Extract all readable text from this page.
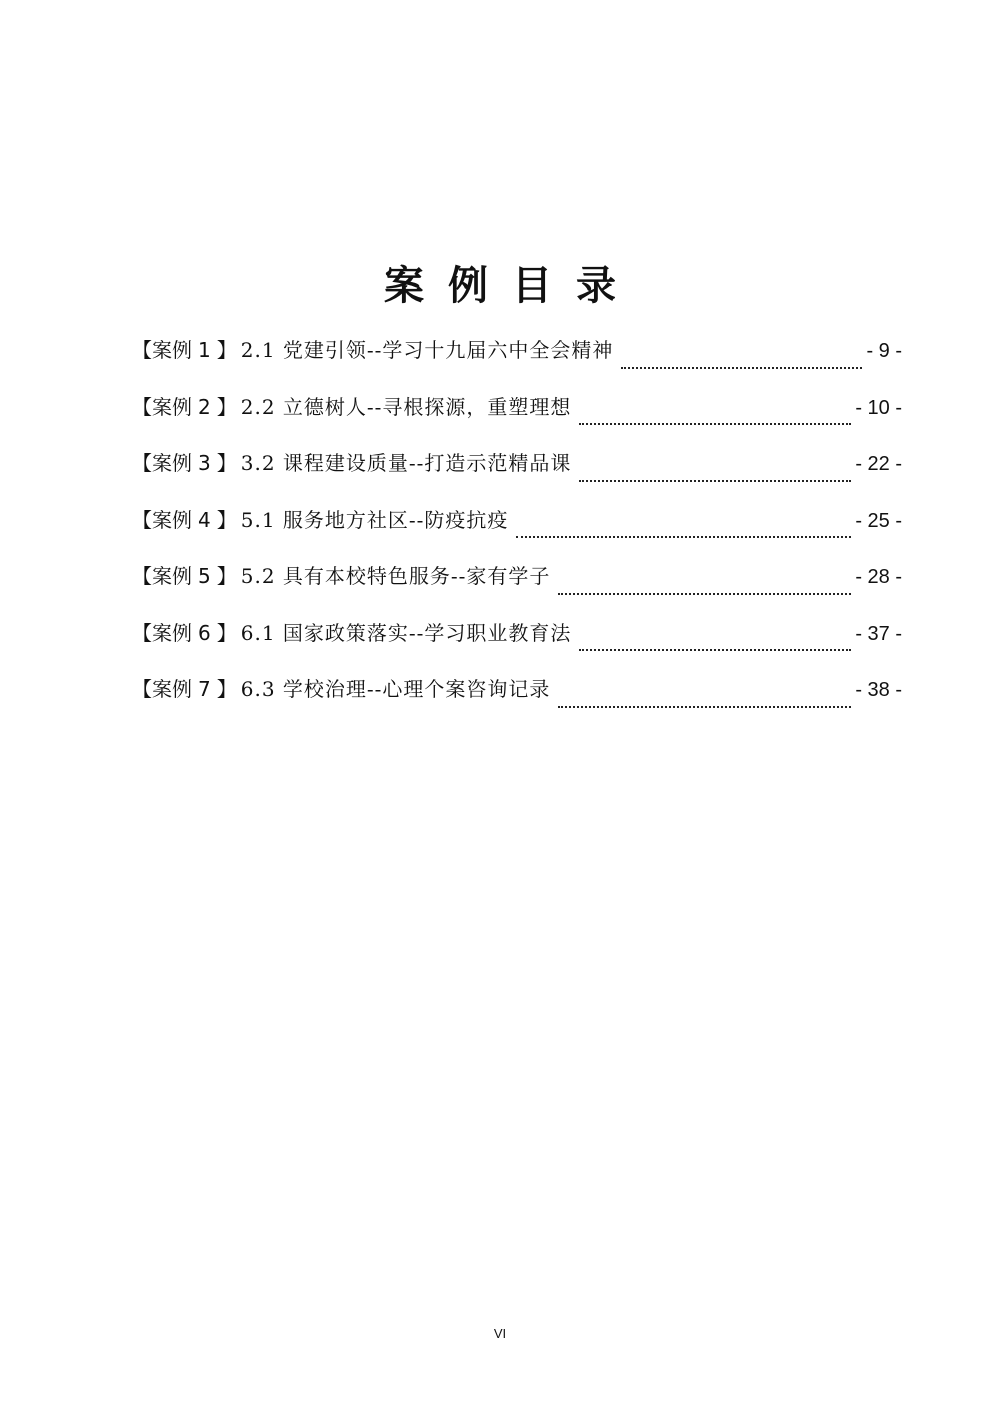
案例目录
【案例 1 】 2.1 党建引领--学习十九届六中全会精神	- 9 -
【案例 2 】 2.2 立德树人--寻根探源，重塑理想	- 10 -
【案例 3 】 3.2 课程建设质量--打造示范精品课	- 22 -
【案例 4 】 5.1 服务地方社区--防疫抗疫	- 25 -
【案例 5 】 5.2 具有本校特色服务--家有学子	- 28 -
【案例 6 】 6.1 国家政策落实--学习职业教育法	- 37 -
【案例 7 】 6.3 学校治理--心理个案咨询记录	- 38 -
VI
